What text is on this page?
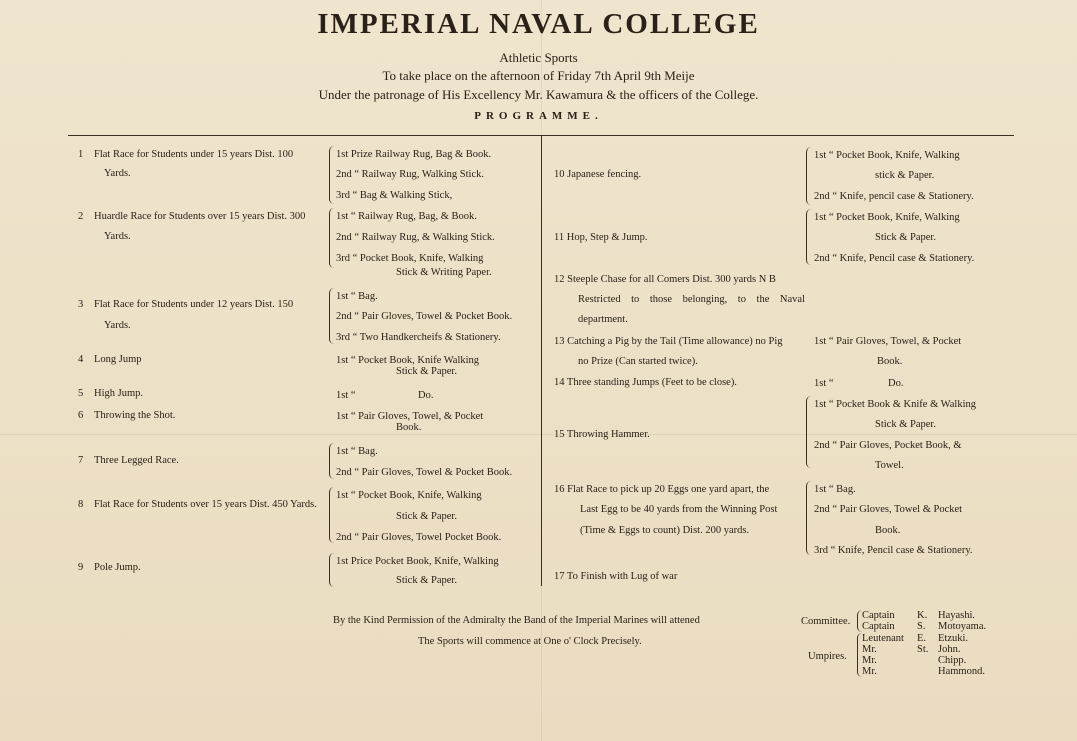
IMPERIAL NAVAL COLLEGE
Athletic Sports
To take place on the afternoon of Friday 7th April 9th Meije
Under the patronage of His Excellency Mr. Kawamura & the officers of the College.
PROGRAMME.
1 Flat Race for Students under 15 years Dist. 100
Yards.
1st Prize Railway Rug, Bag & Book.
2nd “ Railway Rug, Walking Stick.
3rd “ Bag & Walking Stick,
2 Huardle Race for Students over 15 years Dist. 300
Yards.
1st “ Railway Rug, Bag, & Book.
2nd “ Railway Rug, & Walking Stick.
3rd “ Pocket Book, Knife, Walking
Stick & Writing Paper.
3 Flat Race for Students under 12 years Dist. 150
Yards.
1st “ Bag.
2nd “ Pair Gloves, Towel & Pocket Book.
3rd “ Two Handkercheifs & Stationery.
4 Long Jump	1st “ Pocket Book, Knife Walking
Stick & Paper.
5 High Jump.	1st “	Do.
6 Throwing the Shot.	1st “ Pair Gloves, Towel, & Pocket
Book.
7 Three Legged Race.
1st “ Bag.
2nd “ Pair Gloves, Towel & Pocket Book.
8 Flat Race for Students over 15 years Dist. 450 Yards.
1st “ Pocket Book, Knife, Walking
Stick & Paper.
2nd “ Pair Gloves, Towel Pocket Book.
9 Pole Jump.
1st Price Pocket Book, Knife, Walking
Stick & Paper.
10 Japanese fencing.
1st “ Pocket Book, Knife, Walking
stick & Paper.
2nd “ Knife, pencil case & Stationery.
11 Hop, Step & Jump.
1st “ Pocket Book, Knife, Walking
Stick & Paper.
2nd “ Knife, Pencil case & Stationery.
12 Steeple Chase for all Comers Dist. 300 yards N B
Restricted to those belonging, to the Naval
department.
13 Catching a Pig by the Tail (Time allowance) no Pig
no Prize (Can started twice).
1st “ Pair Gloves, Towel, & Pocket
Book.
14 Three standing Jumps (Feet to be close).	1st “	Do.
15 Throwing Hammer.
1st “ Pocket Book & Knife & Walking
Stick & Paper.
2nd “ Pair Gloves, Pocket Book, &
Towel.
16 Flat Race to pick up 20 Eggs one yard apart, the
Last Egg to be 40 yards from the Winning Post
(Time & Eggs to count) Dist. 200 yards.
1st “ Bag.
2nd “ Pair Gloves, Towel & Pocket
Book.
3rd “ Knife, Pencil case & Stationery.
17 To Finish with Lug of war
By the Kind Permission of the Admiralty the Band of the Imperial Marines will attened
The Sports will commence at One o' Clock Precisely.
Committee.
Captain K. Hayashi.
Captain S. Motoyama.
Umpires.
Leutenant E. Etzuki.
Mr.	St. John.
Mr.	Chipp.
Mr.	Hammond.
